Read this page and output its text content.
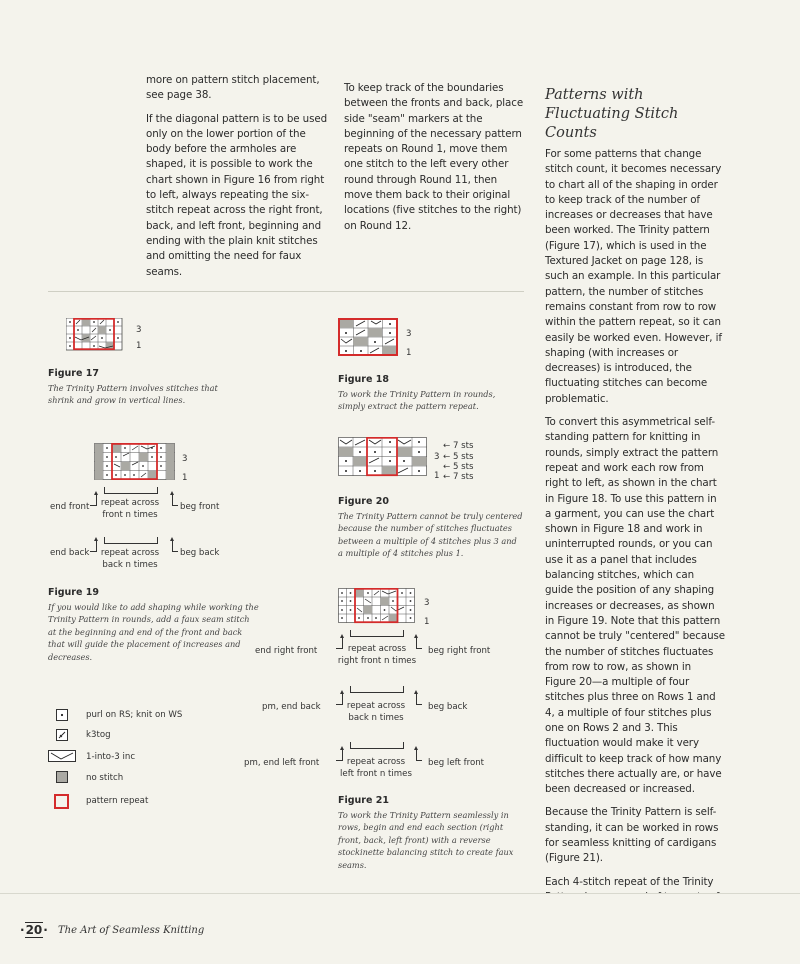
more on pattern stitch placement, see page 38.

If the diagonal pattern is to be used only on the lower portion of the body before the armholes are shaped, it is possible to work the chart shown in Figure 16 from right to left, always repeating the six-stitch repeat across the right front, back, and left front, beginning and ending with the plain knit stitches and omitting the need for faux seams.

To keep track of the boundaries between the fronts and back, place side "seam" markers at the beginning of the necessary pattern repeats on Round 1, move them one stitch to the left every other round through Round 11, then move them back to their original locations (five stitches to the right) on Round 12.

Patterns with Fluctuating Stitch Counts

For some patterns that change stitch count, it becomes necessary to chart all of the shaping in order to keep track of the number of increases or decreases that have been worked. The Trinity pattern (Figure 17), which is used in the Textured Jacket on page 128, is such an example. In this particular pattern, the number of stitches remains constant from row to row within the pattern repeat, so it can easily be worked even. However, if shaping (with increases or decreases) is introduced, the fluctuating stitches can become problematic.

To convert this asymmetrical self-standing pattern for knitting in rounds, simply extract the pattern repeat and work each row from right to left, as shown in the chart in Figure 18. To use this pattern in a garment, you can use the chart shown in Figure 18 and work in uninterrupted rounds, or you can use it as a panel that includes balancing stitches, which can guide the position of any shaping increases or decreases, as shown in Figure 19. Note that this pattern cannot be truly "centered" because the number of stitches fluctuates from row to row, as shown in Figure 20—a multiple of four stitches plus three on Rows 1 and 4, a multiple of four stitches plus one on Rows 2 and 3. This fluctuation would make it very difficult to keep track of how many stitches there actually are, or have been decreased or increased.

Because the Trinity Pattern is self-standing, it can be worked in rows for seamless knitting of cardigans (Figure 21).

Each 4-stitch repeat of the Trinity

3
1
Figure 17
The Trinity Pattern involves stitches that shrink and grow in vertical lines.
3
1
Figure 18
To work the Trinity Pattern in rounds, simply extract the pattern repeat.
3
1
end front	repeat across
front n times
beg front
end back	repeat across
back n times
beg back
Figure 19
If you would like to add shaping while working the Trinity Pattern in rounds, add a faux seam stitch at the beginning and end of the front and back that will guide the placement of increases and decreases.
3
1
← 7 sts
← 5 sts
← 5 sts
← 7 sts
Figure 20
The Trinity Pattern cannot be truly centered because the number of stitches fluctuates between a multiple of 4 stitches plus 3 and a multiple of 4 stitches plus 1.
3
1
end right front	repeat across
right front n times
beg right front
pm, end back	repeat across
back n times
beg back
pm, end left front	repeat across
left front n times
beg left front
Figure 21
To work the Trinity Pattern seamlessly in rows, begin and end each section (right front, back, left front) with a reverse stockinette balancing stitch to create faux seams.
purl on RS; knit on WS
k3tog
1-into-3 inc
no stitch
pattern repeat
·20· The Art of Seamless Knitting
